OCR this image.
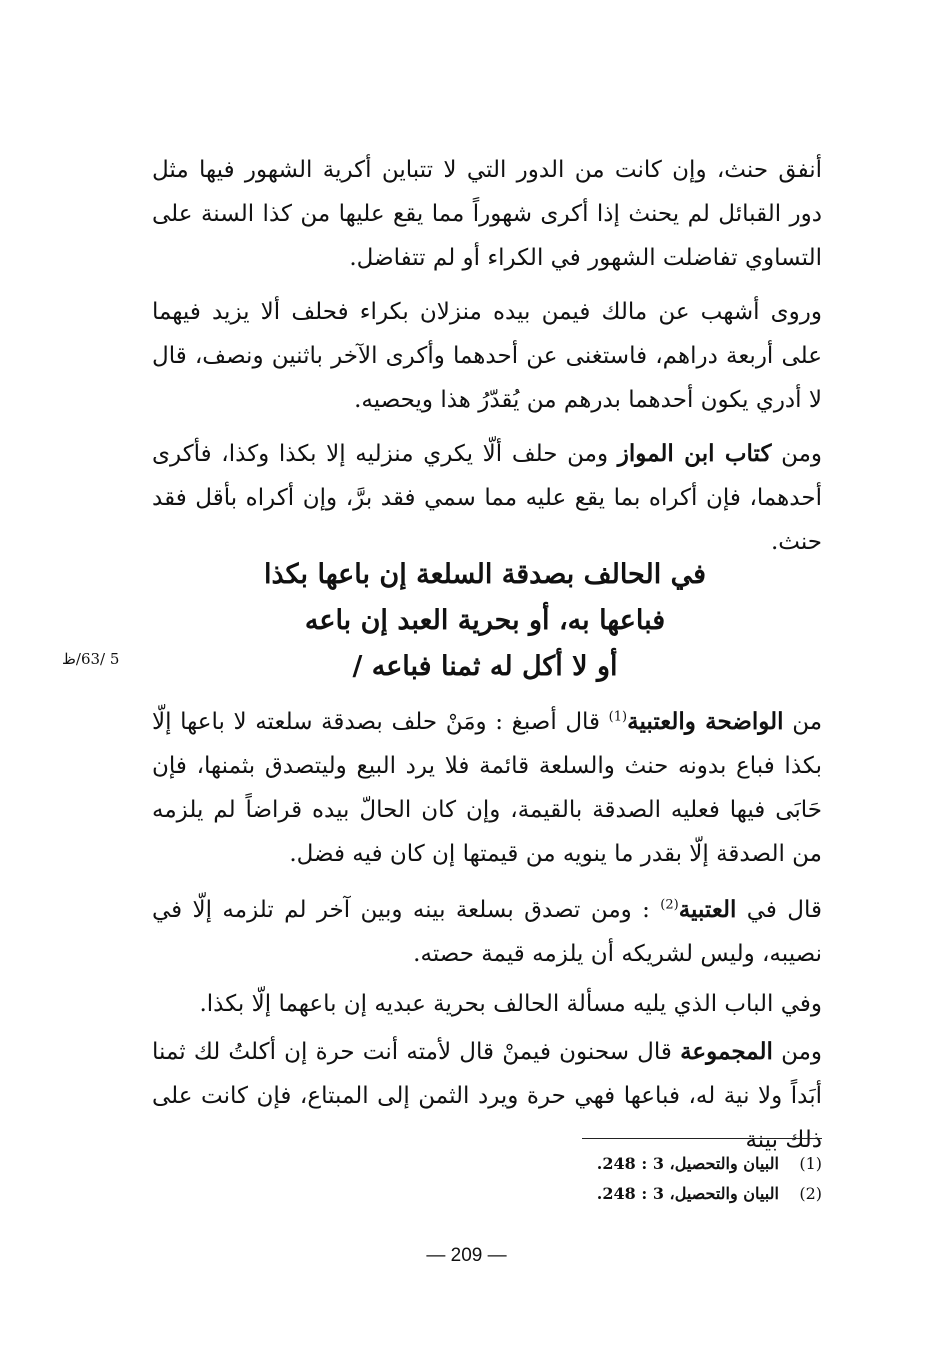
أنفق حنث، وإن كانت من الدور التي لا تتباين أكرية الشهور فيها مثل دور القبائل لم يحنث إذا أكرى شهوراً مما يقع عليها من كذا السنة على التساوي تفاضلت الشهور في الكراء أو لم تتفاضل.

وروى أشهب عن مالك فيمن بيده منزلان بكراء فحلف ألا يزيد فيهما على أربعة دراهم، فاستغنى عن أحدهما وأكرى الآخر باثنين ونصف، قال لا أدري يكون أحدهما بدرهم من يُقدّرُ هذا ويحصيه.

ومن كتاب ابن المواز ومن حلف ألّا يكري منزليه إلا بكذا وكذا، فأكرى أحدهما، فإن أكراه بما يقع عليه مما سمي فقد برَّ، وإن أكراه بأقل فقد حنث.

في الحالف بصدقة السلعة إن باعها بكذا
فباعها به، أو بحرية العبد إن باعه
أو لا أكل له ثمنا فباعه /
5 /63/ظ

من الواضحة والعتبية$^{(1)}$ قال أصبغ : ومَنْ حلف بصدقة سلعته لا باعها إلّا بكذا فباع بدونه حنث والسلعة قائمة فلا يرد البيع وليتصدق بثمنها، فإن حَابَى فيها فعليه الصدقة بالقيمة، وإن كان الحالّ بيده قراضاً لم يلزمه من الصدقة إلّا بقدر ما ينويه من قيمتها إن كان فيه فضل.

قال في العتبية$^{(2)}$ : ومن تصدق بسلعة بينه وبين آخر لم تلزمه إلّا في نصيبه، وليس لشريكه أن يلزمه قيمة حصته.

وفي الباب الذي يليه مسألة الحالف بحرية عبديه إن باعهما إلّا بكذا.

ومن المجموعة قال سحنون فيمنْ قال لأمته أنت حرة إن أكلتُ لك ثمنا أبَداً ولا نية له، فباعها فهي حرة ويرد الثمن إلى المبتاع، فإن كانت على ذلك بينة

(1) البيان والتحصيل، 3 : 248.
(2) البيان والتحصيل، 3 : 248.
— 209 —
